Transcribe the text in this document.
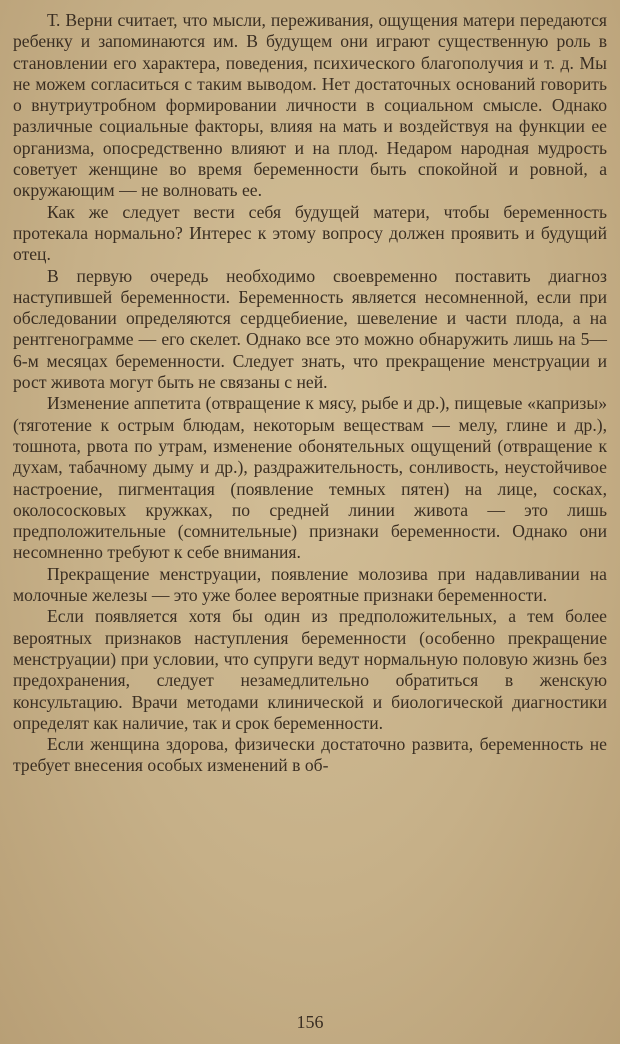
Т. Верни считает, что мысли, переживания, ощущения матери передаются ребенку и запоминаются им. В будущем они играют существенную роль в становлении его характера, поведения, психического благополучия и т. д. Мы не можем согласиться с таким выводом. Нет достаточных оснований говорить о внутриутробном формировании личности в социальном смысле. Однако различные социальные факторы, влияя на мать и воздействуя на функции ее организма, опосредственно влияют и на плод. Недаром народная мудрость советует женщине во время беременности быть спокойной и ровной, а окружающим — не волновать ее.

Как же следует вести себя будущей матери, чтобы беременность протекала нормально? Интерес к этому вопросу должен проявить и будущий отец.

В первую очередь необходимо своевременно поставить диагноз наступившей беременности. Беременность является несомненной, если при обследовании определяются сердцебиение, шевеление и части плода, а на рентгенограмме — его скелет. Однако все это можно обнаружить лишь на 5—6-м месяцах беременности. Следует знать, что прекращение менструации и рост живота могут быть не связаны с ней.

Изменение аппетита (отвращение к мясу, рыбе и др.), пищевые «капризы» (тяготение к острым блюдам, некоторым веществам — мелу, глине и др.), тошнота, рвота по утрам, изменение обонятельных ощущений (отвращение к духам, табачному дыму и др.), раздражительность, сонливость, неустойчивое настроение, пигментация (появление темных пятен) на лице, сосках, околососковых кружках, по средней линии живота — это лишь предположительные (сомнительные) признаки беременности. Однако они несомненно требуют к себе внимания.

Прекращение менструации, появление молозива при надавливании на молочные железы — это уже более вероятные признаки беременности.

Если появляется хотя бы один из предположительных, а тем более вероятных признаков наступления беременности (особенно прекращение менструации) при условии, что супруги ведут нормальную половую жизнь без предохранения, следует незамедлительно обратиться в женскую консультацию. Врачи методами клинической и биологической диагностики определят как наличие, так и срок беременности.

Если женщина здорова, физически достаточно развита, беременность не требует внесения особых изменений в об-

156
